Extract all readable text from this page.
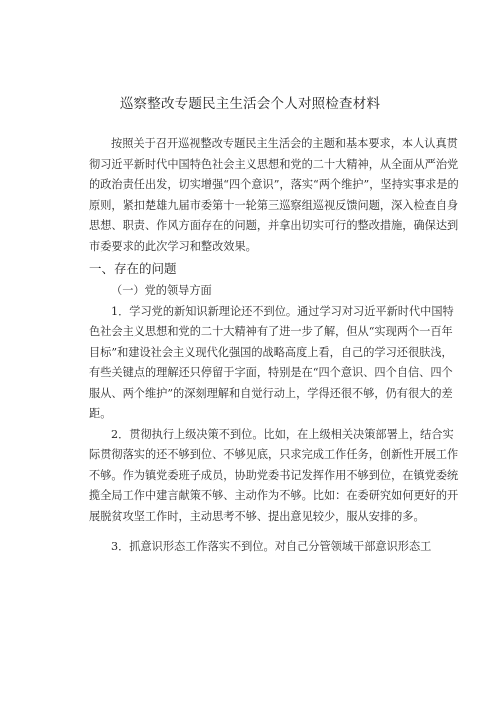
巡察整改专题民主生活会个人对照检查材料

按照关于召开巡视整改专题民主生活会的主题和基本要求，本人认真贯彻习近平新时代中国特色社会主义思想和党的二十大精神，从全面从严治党的政治责任出发，切实增强“四个意识”，落实“两个维护”，坚持实事求是的原则，紧扣楚雄九届市委第十一轮第三巡察组巡视反馈问题，深入检查自身思想、职责、作风方面存在的问题，并拿出切实可行的整改措施，确保达到市委要求的此次学习和整改效果。

一、存在的问题

（一）党的领导方面

1．学习党的新知识新理论还不到位。通过学习对习近平新时代中国特色社会主义思想和党的二十大精神有了进一步了解，但从“实现两个一百年目标”和建设社会主义现代化强国的战略高度上看，自己的学习还很肤浅，有些关键点的理解还只停留于字面，特别是在“四个意识、四个自信、四个服从、两个维护”的深刻理解和自觉行动上，学得还很不够，仍有很大的差距。

2．贯彻执行上级决策不到位。比如，在上级相关决策部署上，结合实际贯彻落实的还不够到位、不够见底，只求完成工作任务，创新性开展工作不够。作为镇党委班子成员，协助党委书记发挥作用不够到位，在镇党委统揽全局工作中建言献策不够、主动作为不够。比如：在委研究如何更好的开展脱贫攻坚工作时，主动思考不够、提出意见较少，服从安排的多。

3．抓意识形态工作落实不到位。对自己分管领域干部意识形态工
